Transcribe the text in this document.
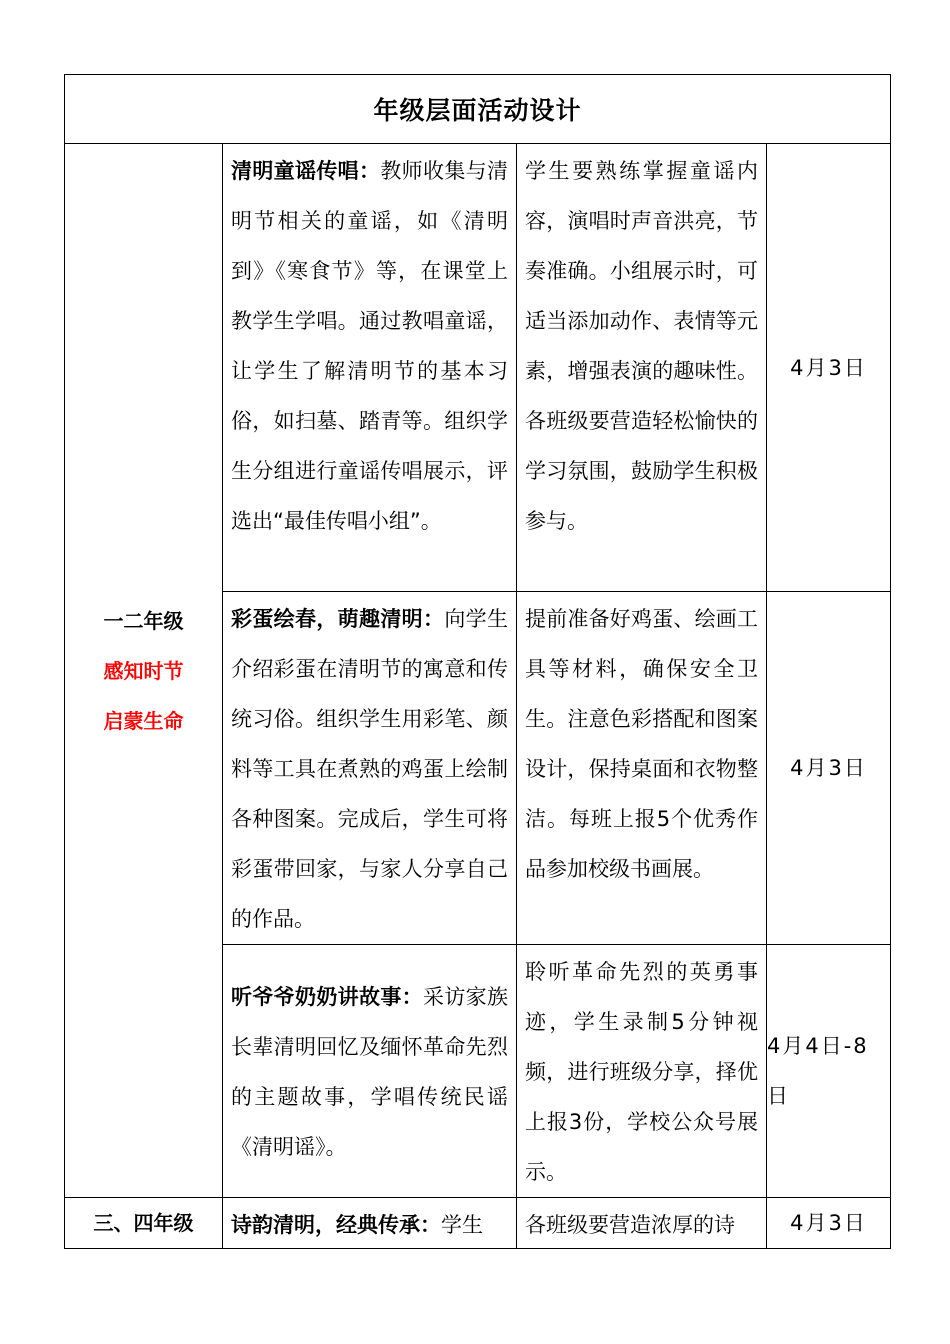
年级层面活动设计			

一二年级
感知时节
启蒙生命	清明童谣传唱：教师收集与清明节相关的童谣，如《清明到》《寒食节》等，在课堂上教学生学唱。通过教唱童谣，让学生了解清明节的基本习俗，如扫墓、踏青等。组织学生分组进行童谣传唱展示，评选出“最佳传唱小组”。	学生要熟练掌握童谣内容，演唱时声音洪亮，节奏准确。小组展示时，可适当添加动作、表情等元素，增强表演的趣味性。各班级要营造轻松愉快的学习氛围，鼓励学生积极参与。	4月3日

	彩蛋绘春，萌趣清明：向学生介绍彩蛋在清明节的寓意和传统习俗。组织学生用彩笔、颜料等工具在煮熟的鸡蛋上绘制各种图案。完成后，学生可将彩蛋带回家，与家人分享自己的作品。	提前准备好鸡蛋、绘画工具等材料，确保安全卫生。注意色彩搭配和图案设计，保持桌面和衣物整洁。每班上报5个优秀作品参加校级书画展。	4月3日

	听爷爷奶奶讲故事：采访家族长辈清明回忆及缅怀革命先烈的主题故事，学唱传统民谣《清明谣》。	聆听革命先烈的英勇事迹，学生录制5分钟视频，进行班级分享，择优上报3份，学校公众号展示。	4月4日-8日

三、四年级	诗韵清明，经典传承：学生	各班级要营造浓厚的诗	4月3日
